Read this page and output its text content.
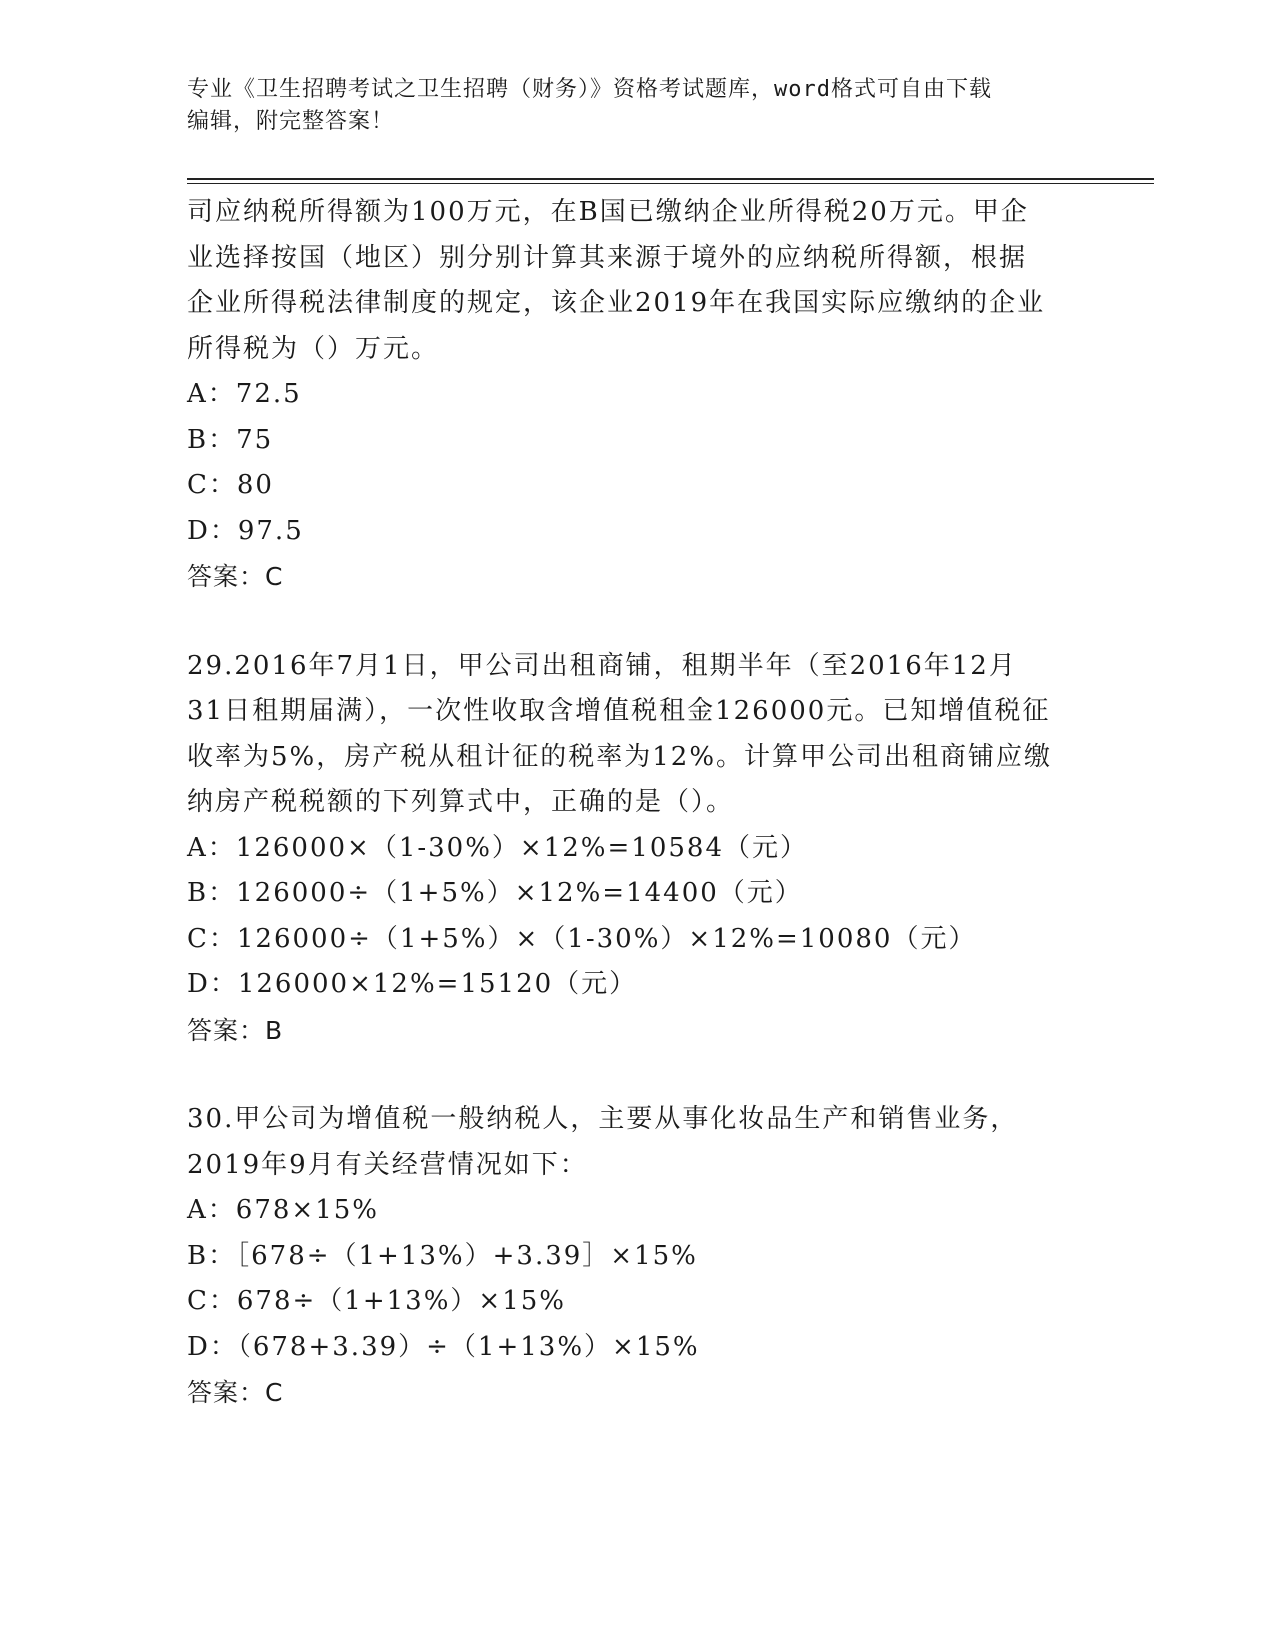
专业《卫生招聘考试之卫生招聘（财务）》资格考试题库，word格式可自由下载
编辑，附完整答案！
司应纳税所得额为100万元，在B国已缴纳企业所得税20万元。甲企
业选择按国（地区）别分别计算其来源于境外的应纳税所得额，根据
企业所得税法律制度的规定，该企业2019年在我国实际应缴纳的企业
所得税为（）万元。
A：72.5
B：75
C：80
D：97.5
答案：C
29.2016年7月1日，甲公司出租商铺，租期半年（至2016年12月
31日租期届满），一次性收取含增值税租金126000元。已知增值税征
收率为5%，房产税从租计征的税率为12%。计算甲公司出租商铺应缴
纳房产税税额的下列算式中，正确的是（）。
A：126000×（1-30%）×12%=10584（元）
B：126000÷（1+5%）×12%=14400（元）
C：126000÷（1+5%）×（1-30%）×12%=10080（元）
D：126000×12%=15120（元）
答案：B
30.甲公司为增值税一般纳税人，主要从事化妆品生产和销售业务，
2019年9月有关经营情况如下：
A：678×15%
B：［678÷（1+13%）+3.39］×15%
C：678÷（1+13%）×15%
D：（678+3.39）÷（1+13%）×15%
答案：C
